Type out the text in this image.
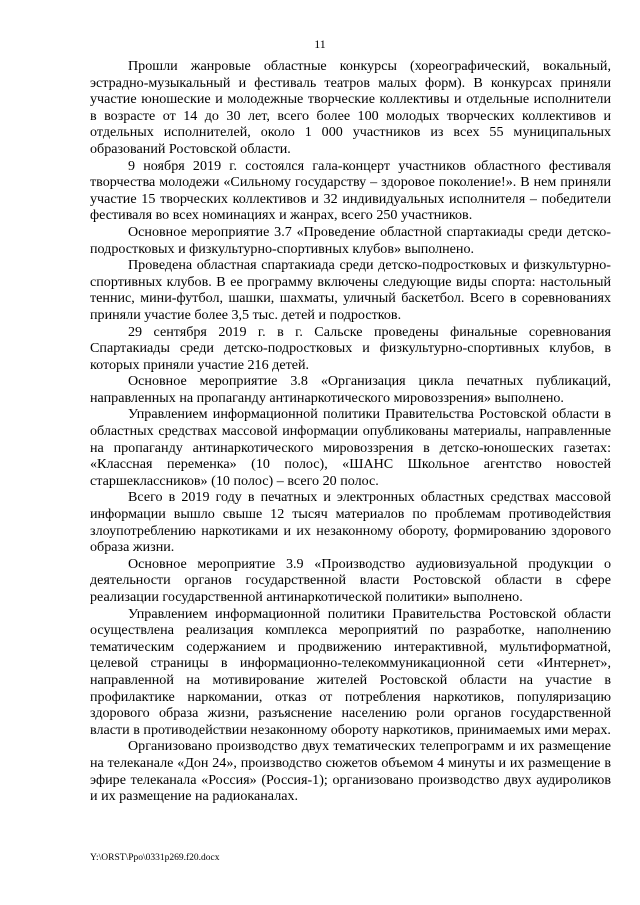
11

Прошли жанровые областные конкурсы (хореографический, вокальный, эстрадно-музыкальный и фестиваль театров малых форм). В конкурсах приняли участие юношеские и молодежные творческие коллективы и отдельные исполнители в возрасте от 14 до 30 лет, всего более 100 молодых творческих коллективов и отдельных исполнителей, около 1 000 участников из всех 55 муниципальных образований Ростовской области.

9 ноября 2019 г. состоялся гала-концерт участников областного фестиваля творчества молодежи «Сильному государству – здоровое поколение!». В нем приняли участие 15 творческих коллективов и 32 индивидуальных исполнителя – победители фестиваля во всех номинациях и жанрах, всего 250 участников.

Основное мероприятие 3.7 «Проведение областной спартакиады среди детско-подростковых и физкультурно-спортивных клубов» выполнено.

Проведена областная спартакиада среди детско-подростковых и физкультурно-спортивных клубов. В ее программу включены следующие виды спорта: настольный теннис, мини-футбол, шашки, шахматы, уличный баскетбол. Всего в соревнованиях приняли участие более 3,5 тыс. детей и подростков.

29 сентября 2019 г. в г. Сальске проведены финальные соревнования Спартакиады среди детско-подростковых и физкультурно-спортивных клубов, в которых приняли участие 216 детей.

Основное мероприятие 3.8 «Организация цикла печатных публикаций, направленных на пропаганду антинаркотического мировоззрения» выполнено.

Управлением информационной политики Правительства Ростовской области в областных средствах массовой информации опубликованы материалы, направленные на пропаганду антинаркотического мировоззрения в детско-юношеских газетах: «Классная переменка» (10 полос), «ШАНС Школьное агентство новостей старшеклассников» (10 полос) – всего 20 полос.

Всего в 2019 году в печатных и электронных областных средствах массовой информации вышло свыше 12 тысяч материалов по проблемам противодействия злоупотреблению наркотиками и их незаконному обороту, формированию здорового образа жизни.

Основное мероприятие 3.9 «Производство аудиовизуальной продукции о деятельности органов государственной власти Ростовской области в сфере реализации государственной антинаркотической политики» выполнено.

Управлением информационной политики Правительства Ростовской области осуществлена реализация комплекса мероприятий по разработке, наполнению тематическим содержанием и продвижению интерактивной, мультиформатной, целевой страницы в информационно-телекоммуникационной сети «Интернет», направленной на мотивирование жителей Ростовской области на участие в профилактике наркомании, отказ от потребления наркотиков, популяризацию здорового образа жизни, разъяснение населению роли органов государственной власти в противодействии незаконному обороту наркотиков, принимаемых ими мерах.

Организовано производство двух тематических телепрограмм и их размещение на телеканале «Дон 24», производство сюжетов объемом 4 минуты и их размещение в эфире телеканала «Россия» (Россия-1); организовано производство двух аудироликов и их размещение на радиоканалах.

Y:\ORST\Ppo\0331p269.f20.docx
